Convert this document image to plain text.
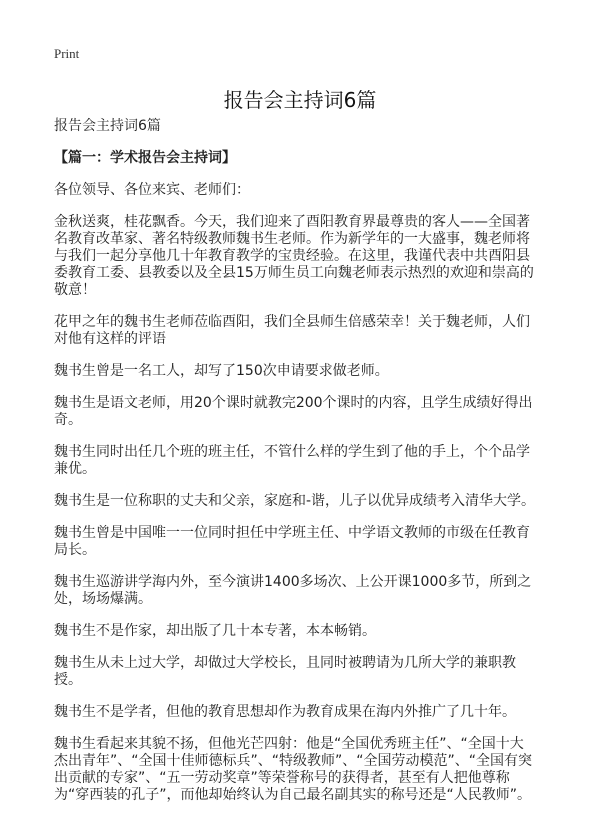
Print
报告会主持词6篇

报告会主持词6篇

【篇一：学术报告会主持词】

各位领导、各位来宾、老师们：

金秋送爽，桂花飘香。今天，我们迎来了酉阳教育界最尊贵的客人——全国著名教育改革家、著名特级教师魏书生老师。作为新学年的一大盛事，魏老师将与我们一起分享他几十年教育教学的宝贵经验。在这里，我谨代表中共酉阳县委教育工委、县教委以及全县15万师生员工向魏老师表示热烈的欢迎和崇高的敬意！

花甲之年的魏书生老师莅临酉阳，我们全县师生倍感荣幸！关于魏老师，人们对他有这样的评语

魏书生曾是一名工人，却写了150次申请要求做老师。

魏书生是语文老师，用20个课时就教完200个课时的内容，且学生成绩好得出奇。

魏书生同时出任几个班的班主任，不管什么样的学生到了他的手上，个个品学兼优。

魏书生是一位称职的丈夫和父亲，家庭和-谐，儿子以优异成绩考入清华大学。

魏书生曾是中国唯一一位同时担任中学班主任、中学语文教师的市级在任教育局长。

魏书生巡游讲学海内外，至今演讲1400多场次、上公开课1000多节，所到之处，场场爆满。

魏书生不是作家，却出版了几十本专著，本本畅销。

魏书生从未上过大学，却做过大学校长，且同时被聘请为几所大学的兼职教授。

魏书生不是学者，但他的教育思想却作为教育成果在海内外推广了几十年。

魏书生看起来其貌不扬，但他光芒四射：他是“全国优秀班主任”、“全国十大杰出青年”、“全国十佳师德标兵”、“特级教师”、“全国劳动模范”、“全国有突出贡献的专家”、“五一劳动奖章”等荣誉称号的获得者，甚至有人把他尊称为“穿西装的孔子”，而他却始终认为自己最名副其实的称号还是“人民教师”。
